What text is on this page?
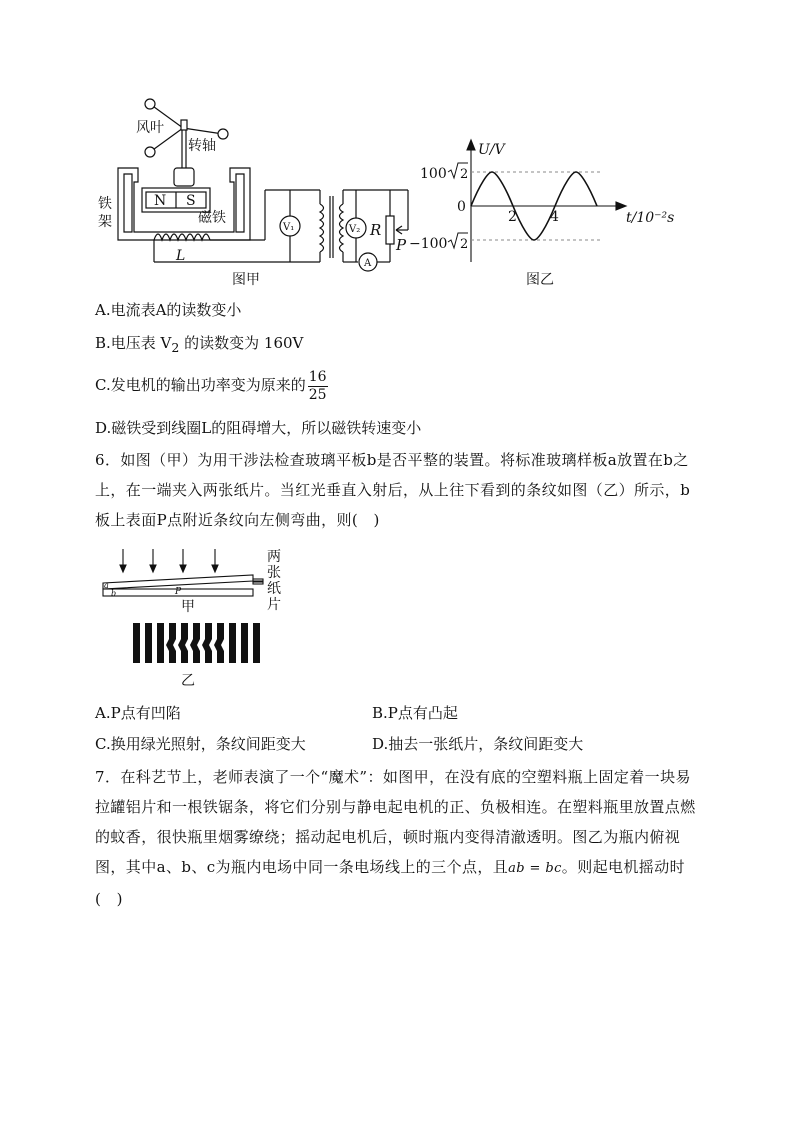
风叶
转轴
铁
架
N S
磁铁
L
V₁	V₂ R
P
A
图甲
U/V
100
−100
0
2 4	t/10⁻²s
图乙
2
2
A.电流表A的读数变小
B.电压表 $V_2$ 的读数变为 160V
C.发电机的输出功率变为原来的 $\frac{16}{25}$
D.磁铁受到线圈L的阻碍增大，所以磁铁转速变小
6．如图（甲）为用干涉法检查玻璃平板b是否平整的装置。将标准玻璃样板a放置在b之上，在一端夹入两张纸片。当红光垂直入射后，从上往下看到的条纹如图（乙）所示，b板上表面P点附近条纹向左侧弯曲，则(　)
a
b	P
两
张
纸
片
甲
乙
A.P点有凹陷	B.P点有凸起
C.换用绿光照射，条纹间距变大	D.抽去一张纸片，条纹间距变大
7．在科艺节上，老师表演了一个“魔术”：如图甲，在没有底的空塑料瓶上固定着一块易拉罐铝片和一根铁锯条，将它们分别与静电起电机的正、负极相连。在塑料瓶里放置点燃的蚊香，很快瓶里烟雾缭绕；摇动起电机后，顿时瓶内变得清澈透明。图乙为瓶内俯视图，其中a、b、c为瓶内电场中同一条电场线上的三个点，且ab = bc。则起电机摇动时(　)
